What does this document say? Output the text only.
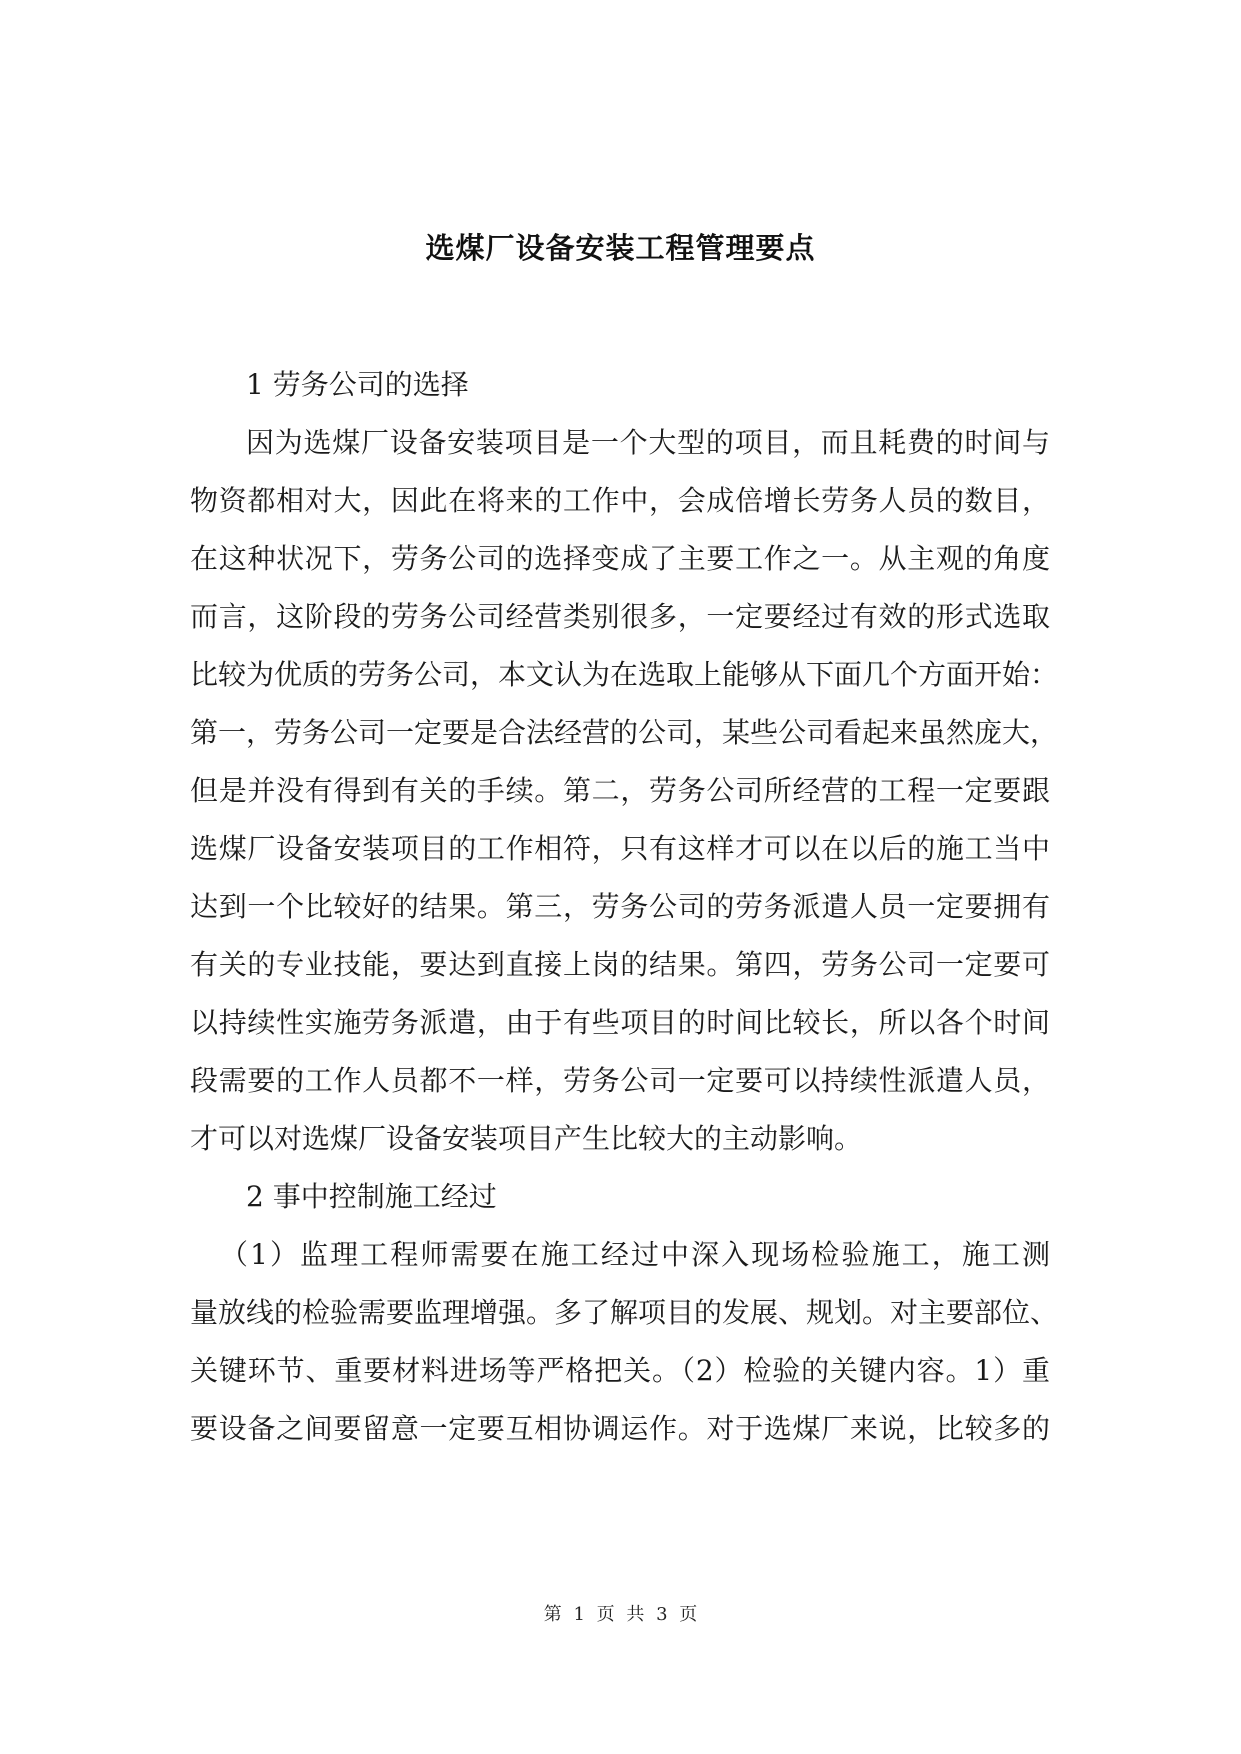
选煤厂设备安装工程管理要点
1 劳务公司的选择
因为选煤厂设备安装项目是一个大型的项目，而且耗费的时间与
物资都相对大，因此在将来的工作中，会成倍增长劳务人员的数目，
在这种状况下，劳务公司的选择变成了主要工作之一。从主观的角度
而言，这阶段的劳务公司经营类别很多，一定要经过有效的形式选取
比较为优质的劳务公司，本文认为在选取上能够从下面几个方面开始：
第一，劳务公司一定要是合法经营的公司，某些公司看起来虽然庞大，
但是并没有得到有关的手续。第二，劳务公司所经营的工程一定要跟
选煤厂设备安装项目的工作相符，只有这样才可以在以后的施工当中
达到一个比较好的结果。第三，劳务公司的劳务派遣人员一定要拥有
有关的专业技能，要达到直接上岗的结果。第四，劳务公司一定要可
以持续性实施劳务派遣，由于有些项目的时间比较长，所以各个时间
段需要的工作人员都不一样，劳务公司一定要可以持续性派遣人员，
才可以对选煤厂设备安装项目产生比较大的主动影响。
2 事中控制施工经过
（1）监理工程师需要在施工经过中深入现场检验施工，施工测
量放线的检验需要监理增强。多了解项目的发展、规划。对主要部位、
关键环节、重要材料进场等严格把关。（2）检验的关键内容。1）重
要设备之间要留意一定要互相协调运作。对于选煤厂来说，比较多的
第 1 页 共 3 页
